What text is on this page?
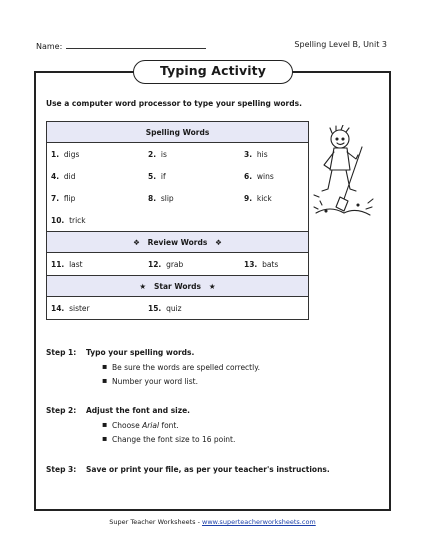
Name:	Spelling Level B, Unit 3
Typing Activity
Use a computer word processor to type your spelling words.
Spelling Words		
1. digs	2. is	3. his
4. did	5. if	6. wins
7. flip	8. slip	9. kick
10. trick		
❖ Review Words ❖		
11. last	12. grab	13. bats
★ Star Words ★		
14. sister	15. quiz	
Step 1: Typo your spelling words.
▪ Be sure the words are spelled correctly.
▪ Number your word list.
Step 2: Adjust the font and size.
▪ Choose Arial font.
▪ Change the font size to 16 point.
Step 3: Save or print your file, as per your teacher's instructions.
Super Teacher Worksheets - www.superteacherworksheets.com
